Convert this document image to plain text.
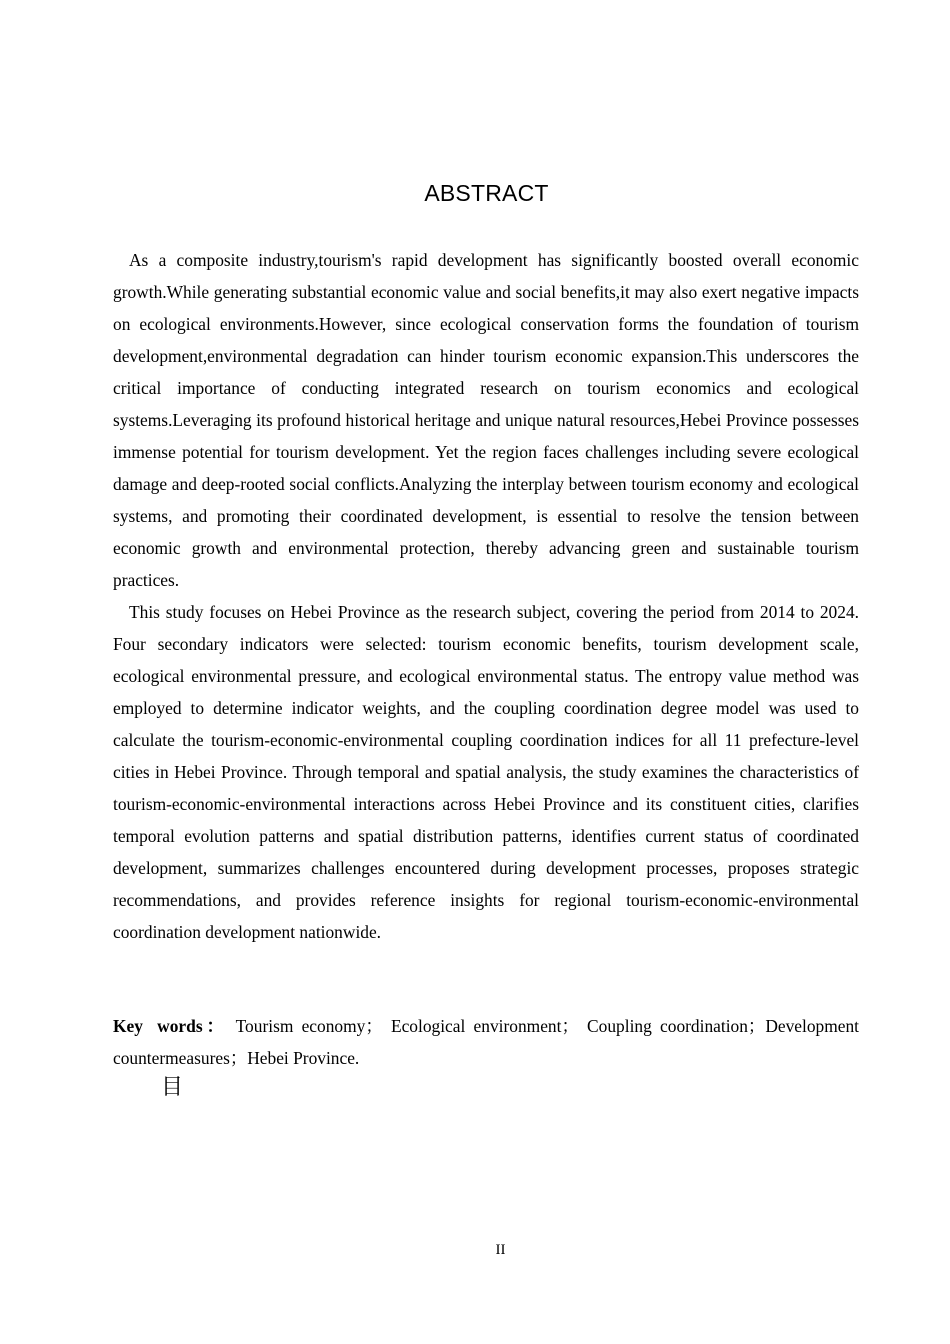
ABSTRACT

As a composite industry,tourism's rapid development has significantly boosted overall economic growth.While generating substantial economic value and social benefits,it may also exert negative impacts on ecological environments.However, since ecological conservation forms the foundation of tourism development,environmental degradation can hinder tourism economic expansion.This underscores the critical importance of conducting integrated research on tourism economics and ecological systems.Leveraging its profound historical heritage and unique natural resources,Hebei Province possesses immense potential for tourism development. Yet the region faces challenges including severe ecological damage and deep-rooted social conflicts.Analyzing the interplay between tourism economy and ecological systems, and promoting their coordinated development, is essential to resolve the tension between economic growth and environmental protection, thereby advancing green and sustainable tourism practices.

This study focuses on Hebei Province as the research subject, covering the period from 2014 to 2024. Four secondary indicators were selected: tourism economic benefits, tourism development scale, ecological environmental pressure, and ecological environmental status. The entropy value method was employed to determine indicator weights, and the coupling coordination degree model was used to calculate the tourism-economic-environmental coupling coordination indices for all 11 prefecture-level cities in Hebei Province. Through temporal and spatial analysis, the study examines the characteristics of tourism-economic-environmental interactions across Hebei Province and its constituent cities, clarifies temporal evolution patterns and spatial distribution patterns, identifies current status of coordinated development, summarizes challenges encountered during development processes, proposes strategic recommendations, and provides reference insights for regional tourism-economic-environmental coordination development nationwide.

Key words： Tourism economy； Ecological environment； Coupling coordination；Development countermeasures；Hebei Province.

目
II
